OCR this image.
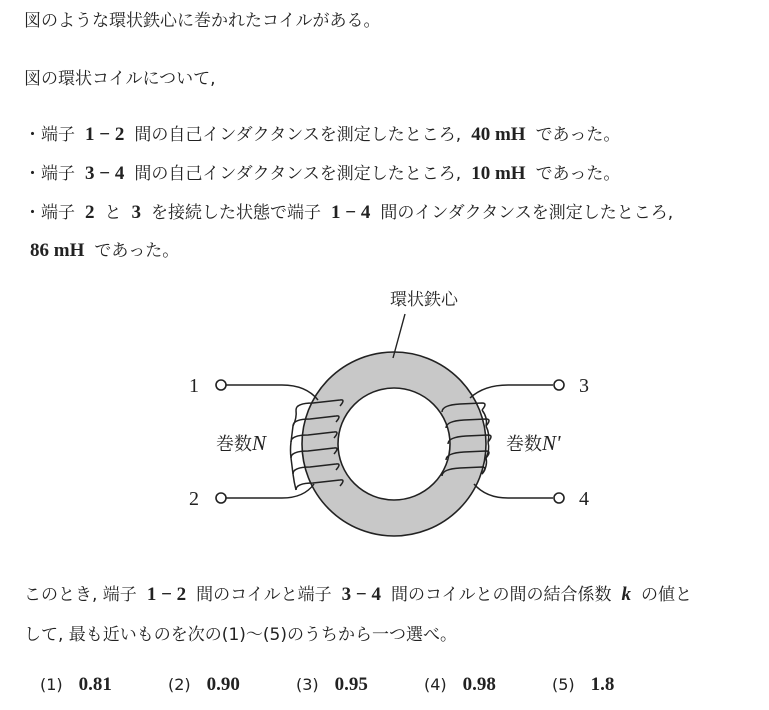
図のような環状鉄心に巻かれたコイルがある。
図の環状コイルについて,
・端子 1 − 2 間の自己インダクタンスを測定したところ, 40 mH であった。
・端子 3 − 4 間の自己インダクタンスを測定したところ, 10 mH であった。
・端子 2 と 3 を接続した状態で端子 1 − 4 間のインダクタンスを測定したところ,
86 mH であった。
環状鉄心
1
2
3
4
巻数N	巻数N'
このとき, 端子 1 − 2 間のコイルと端子 3 − 4 間のコイルとの間の結合係数 k の値と
して, 最も近いものを次の(1)〜(5)のうちから一つ選べ。
(1) 0.81	(2) 0.90	(3) 0.95	(4) 0.98	(5) 1.8
